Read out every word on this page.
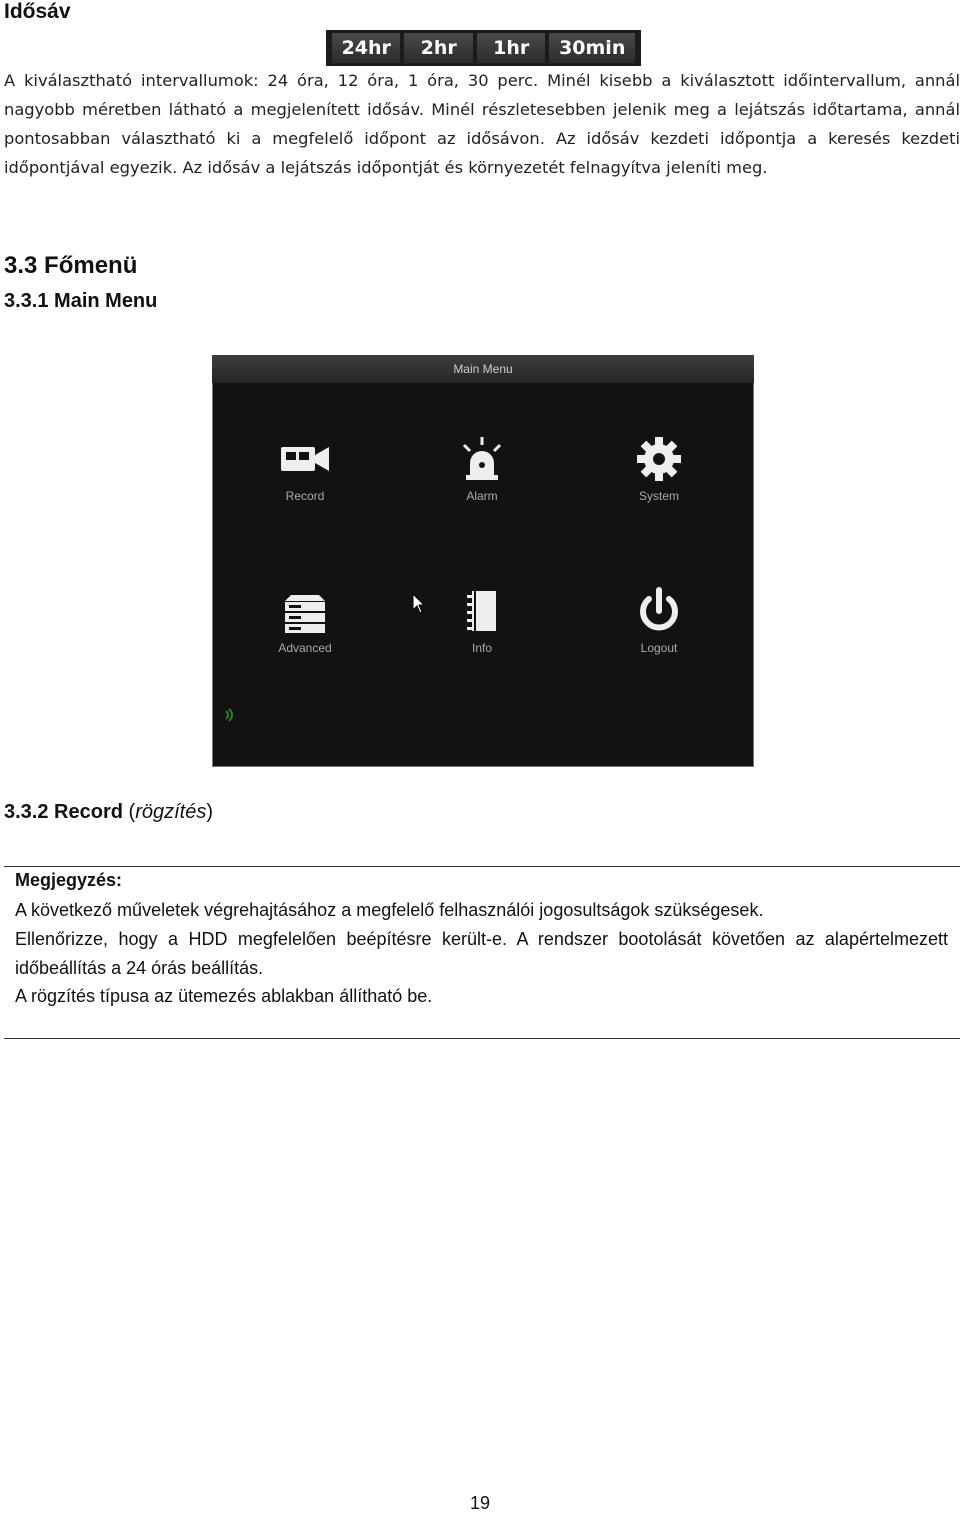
Idősáv
24hr	2hr	1hr	30min

A kiválasztható intervallumok: 24 óra, 12 óra, 1 óra, 30 perc. Minél kisebb a kiválasztott időintervallum, annál nagyobb méretben látható a megjelenített idősáv. Minél részletesebben jelenik meg a lejátszás időtartama, annál pontosabban választható ki a megfelelő időpont az idősávon. Az idősáv kezdeti időpontja a keresés kezdeti időpontjával egyezik. Az idősáv a lejátszás időpontját és környezetét felnagyítva jeleníti meg.

3.3 Főmenü
3.3.1 Main Menu
Main Menu
Record	Alarm	System
Advanced	Info	Logout
3.3.2 Record (rögzítés)

Megjegyzés:

A következő műveletek végrehajtásához a megfelelő felhasználói jogosultságok szükségesek.

Ellenőrizze, hogy a HDD megfelelően beépítésre került-e. A rendszer bootolását követően az alapértelmezett időbeállítás a 24 órás beállítás.

A rögzítés típusa az ütemezés ablakban állítható be.

19
